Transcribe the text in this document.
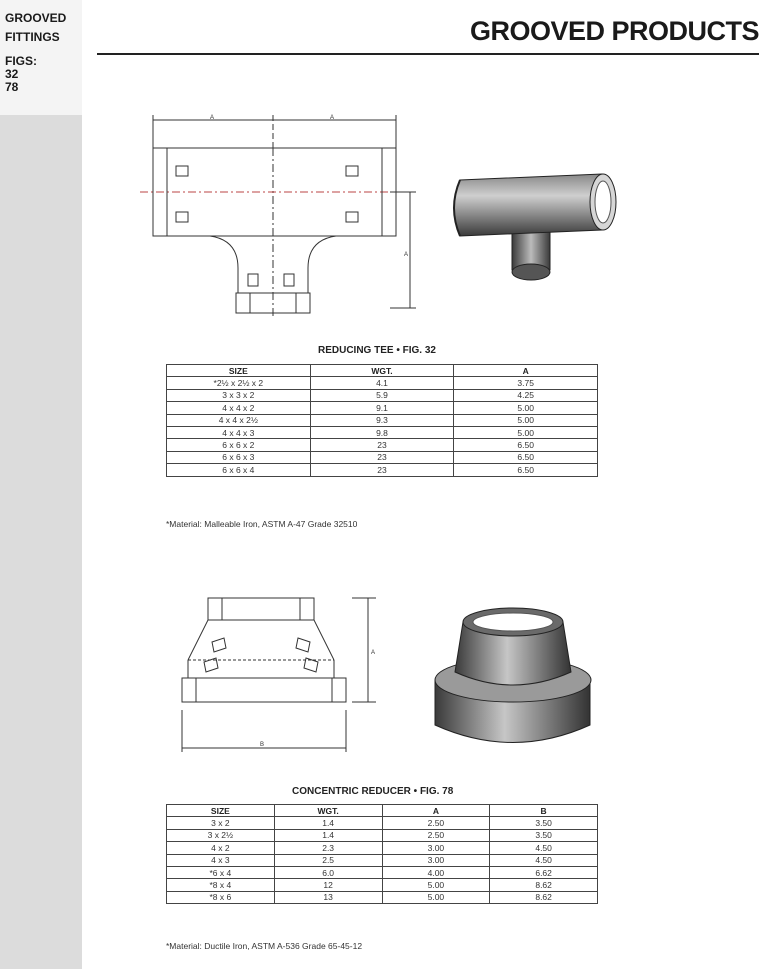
GROOVED
FITTINGS
FIGS:
32
78
GROOVED PRODUCTS
A	A
A
REDUCING TEE • FIG. 32
SIZE	WGT.	A
*2½ x 2½ x 2	4.1	3.75
3 x 3 x 2	5.9	4.25
4 x 4 x 2	9.1	5.00
4 x 4 x 2½	9.3	5.00
4 x 4 x 3	9.8	5.00
6 x 6 x 2	23	6.50
6 x 6 x 3	23	6.50
6 x 6 x 4	23	6.50
*Material: Malleable Iron, ASTM A-47 Grade 32510
A
B
CONCENTRIC REDUCER • FIG. 78
SIZE	WGT.	A	B
3 x 2	1.4	2.50	3.50
3 x 2½	1.4	2.50	3.50
4 x 2	2.3	3.00	4.50
4 x 3	2.5	3.00	4.50
*6 x 4	6.0	4.00	6.62
*8 x 4	12	5.00	8.62
*8 x 6	13	5.00	8.62
*Material: Ductile Iron, ASTM A-536 Grade 65-45-12
